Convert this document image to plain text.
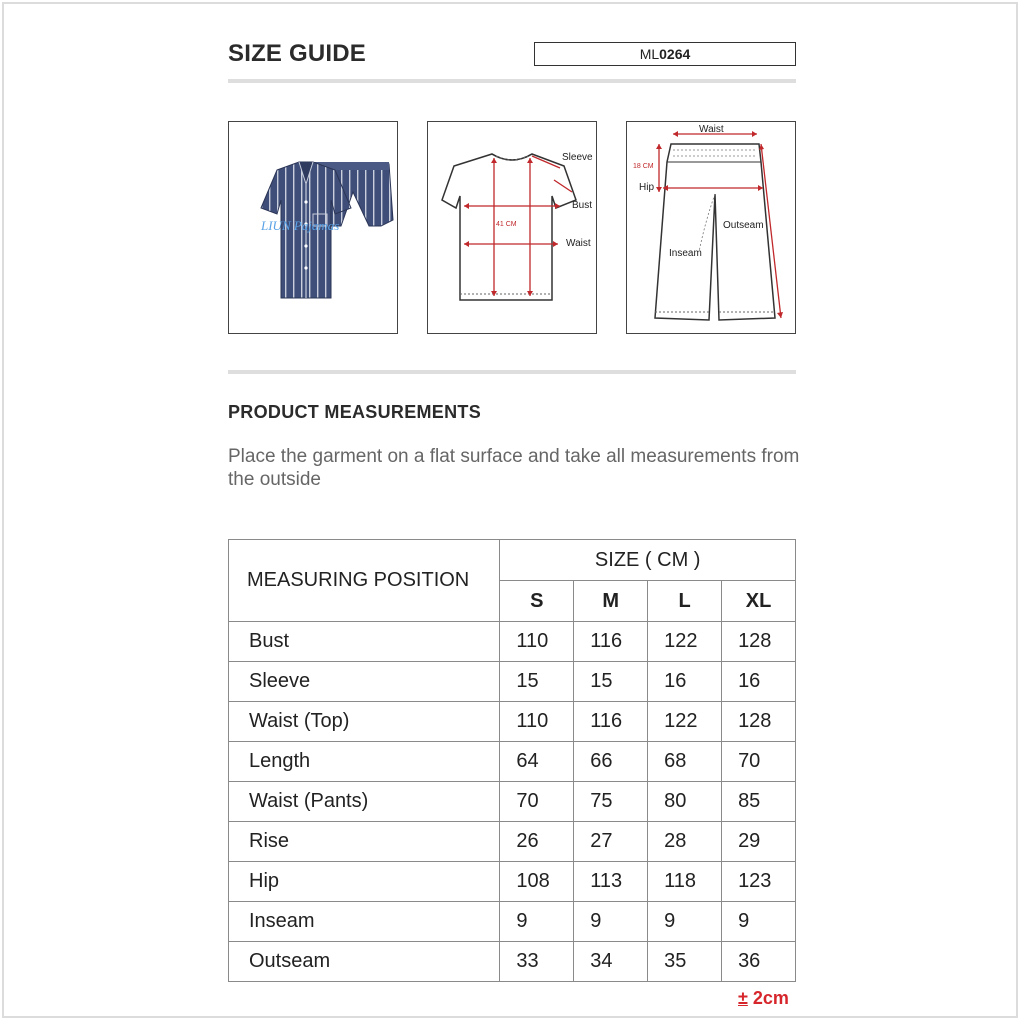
SIZE GUIDE	ML0264
LIUN Pajamas
Sleeve
Bust
Waist
41 CM
Waist
18 CM
Hip
Inseam
Outseam
PRODUCT MEASUREMENTS
Place the garment on a flat surface and take all measurements from the outside
MEASURING POSITION	SIZE ( CM )			
	S	M	L	XL
Bust	110	116	122	128
Sleeve	15	15	16	16
Waist (Top)	110	116	122	128
Length	64	66	68	70
Waist (Pants)	70	75	80	85
Rise	26	27	28	29
Hip	108	113	118	123
Inseam	9	9	9	9
Outseam	33	34	35	36
± 2cm
